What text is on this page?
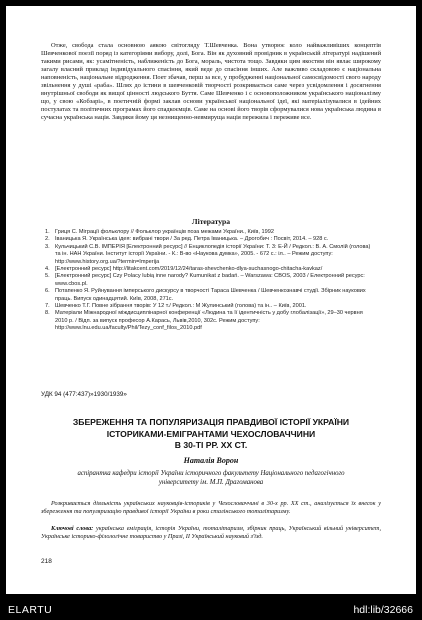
Отже, свобода стала основною аякою світогляду Т.Шевченка. Вона утворює коло найважливіших концептів Шевченкової поезії поряд із категоріями вибору, долі, Бога. Він як духовний провідник в українській літературі надішений такими рисами, як: усамітненість, наближеність до Бога, мораль, чистота тощо. Завдяки цим якостям він явлає широкому загалу власний приклад індивідуального спасіння, який веде до спасіння інших. Але важливо складовою є національна наповненість, національне відродження. Поет збачав, перш за все, у пробудженні національної самосвідомості свого народу звільнення у душі «раба». Шлях до істини в шевченковій творчості розкривається саме через усвідомлення і досягнення внутрішньої свободи як вищої цінності людського Буття. Саме Шевченко і с основоположником українського націоналізму що, у свою «Кобзарі», в поетичній формі заклав основи української національної ідеї, які матеріалізувалися в ідейних постулатах та політичних програмах його спадкоємців. Саме на основі його творів сформувалися нова українська людина в сучасна українська нація. Завдяки йому ця незнищенно-невмируща нація пережила і переживе все.

Література

1. Гриця С. Міграції фольклору // Фольклор українців поза межами України., Київ, 1992
2. Іваницька Я. Українська ідея: вибрані твори / За ред. Петра Іваницька. – Дрогобич : Посвіт, 2014. – 928 с.
3. Кульчицький С.В. ІМПЕРІЯ [Електронний ресурс] // Енциклопедія історії України: Т. 3: Е-Й / Редкол.: В. А. Смолій (голова) та ін. НАН України. Інститут історії України. - К.: В-во «Наукова думка», 2005. - 672 с.: іл.. – Режим доступу: http://www.history.org.ua/?termin=Imperija
4. [Електронний ресурс] http://litakcent.com/2019/12/24/taras-shevchenko-dlya-suchasnogo-chitacha-kavkaz/
5. [Електронний ресурс] Czy Polacy lubią inne narody? Kumunikat z badań. – Warszawa: CBOS, 2003 / Електронний ресурс: www.cbos.pl.
6. Потапенко Я. Руйнування імперського дискурсу в творчості Тараса Шевченка / Шевченкознавчі студії. Збірник наукових праць. Випуск одинадцятий. Київ, 2008, 271с.
7. Шевченко Т.Г. Повне зібрання творів: У 12 т./ Редкол.: М Жулинський (голова) та ін.. – Київ, 2001.
8. Матеріали Міжнародної міждисциплінарної конференції «Людина та її ідентичність у добу глобалізації», 29–30 червня 2010 р. / Відп. за випуск професор А.Карась, Львів,2010, 302с. Режим доступу: http://www.lnu.edu.ua/faculty/Phil/Tezy_conf_filos_2010.pdf

УДК 94 (477:437)»1930/1939»

ЗБЕРЕЖЕННЯ ТА ПОПУЛЯРИЗАЦІЯ ПРАВДИВОЇ ІСТОРІЇ УКРАЇНИ
ІСТОРИКАМИ-ЕМІГРАНТАМИ ЧЕХОСЛОВАЧЧИНИ
В 30-ТІ РР. ХХ СТ.

Наталія Ворон

аспірантка кафедри історії України історичного факультету Національного педагогічного університету ім. М.П. Драгоманова

Розкривається діяльність українських науковців-істориків у Чехословаччині в 30-х рр. ХХ ст., аналізується їх внесок у збереження та популяризацію правдивої історії України в роки сталінського тоталітаризму.

Ключові слова: українська еміграція, історія України, тоталітаризм, збірник праць, Український вільний університет, Українське історико-філологічне товариство у Празі, ІІ Український науковий з'їзд.

218

ELARTU	hdl:lib/32666
